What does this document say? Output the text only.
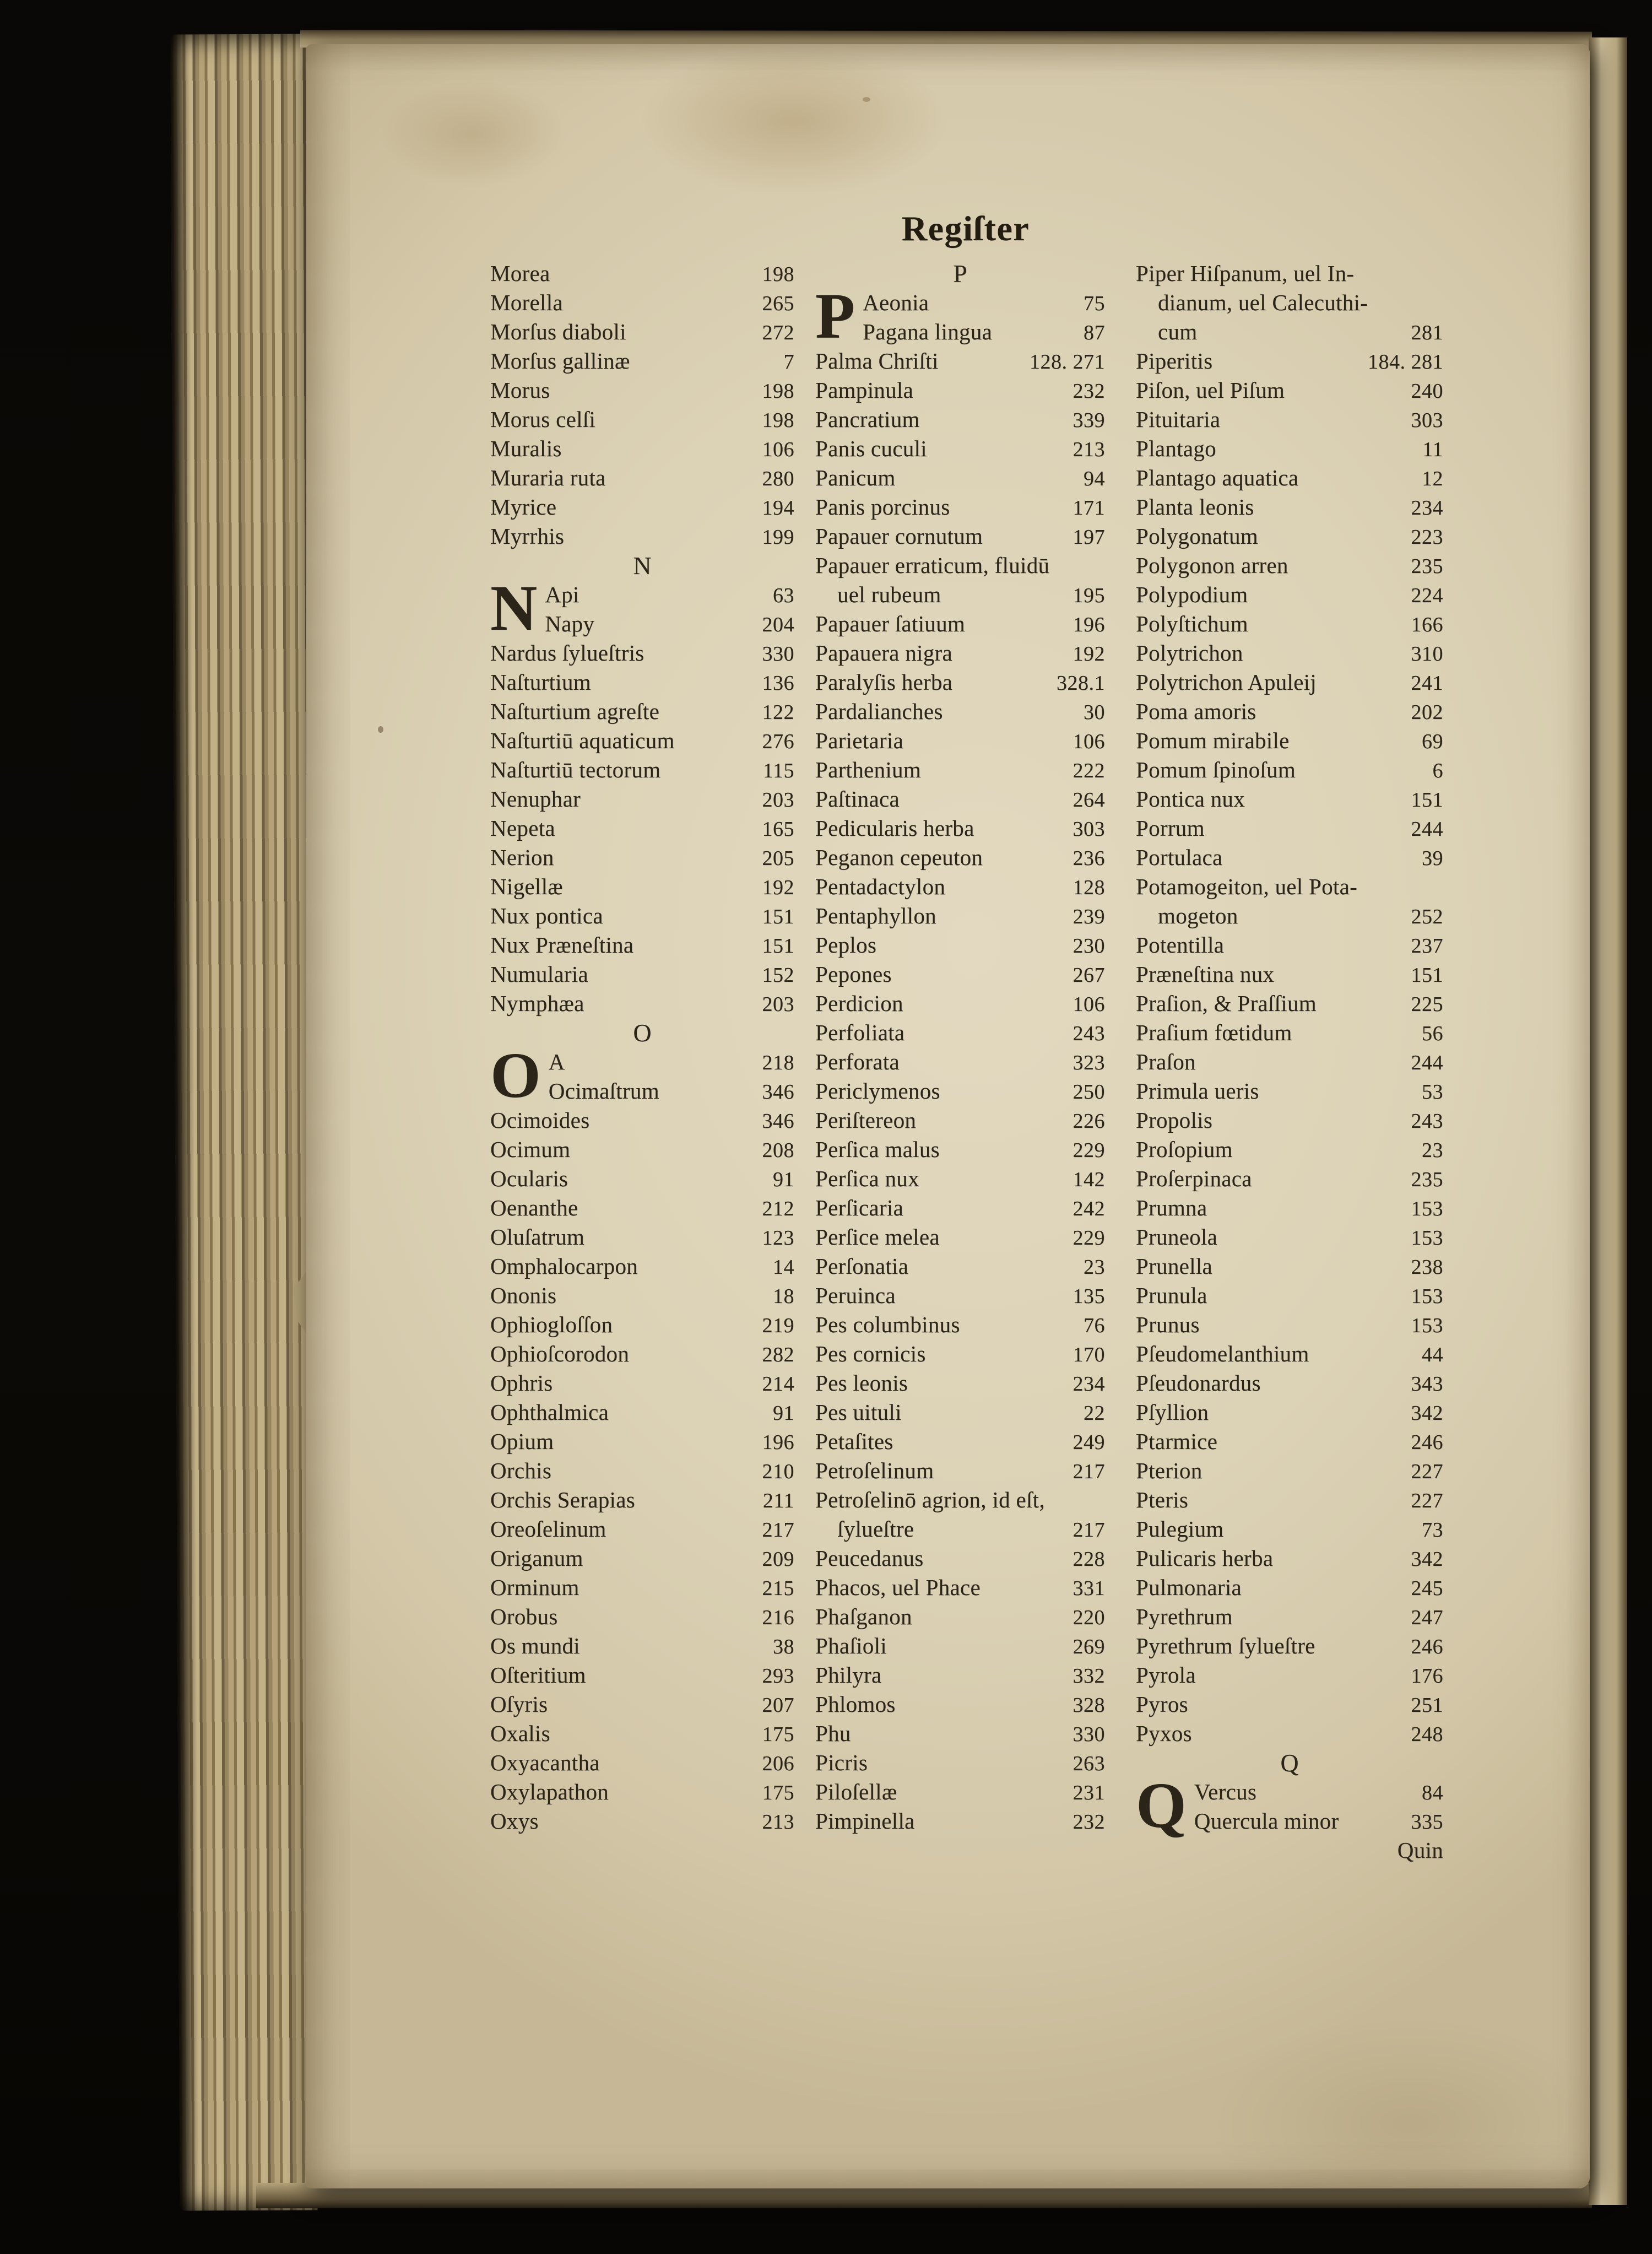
Regiſter
Morea	198
Morella	265
Morſus diaboli	272
Morſus gallinæ	7
Morus	198
Morus celſi	198
Muralis	106
Muraria ruta	280
Myrice	194
Myrrhis	199
N
N Api	63
Napy	204
Nardus ſylueſtris	330
Naſturtium	136
Naſturtium agreſte	122
Naſturtiū aquaticum	276
Naſturtiū tectorum	115
Nenuphar	203
Nepeta	165
Nerion	205
Nigellæ	192
Nux pontica	151
Nux Præneſtina	151
Numularia	152
Nymphæa	203
O
O A	218
Ocimaſtrum	346
Ocimoides	346
Ocimum	208
Ocularis	91
Oenanthe	212
Oluſatrum	123
Omphalocarpon	14
Ononis	18
Ophiogloſſon	219
Ophioſcorodon	282
Ophris	214
Ophthalmica	91
Opium	196
Orchis	210
Orchis Serapias	211
Oreoſelinum	217
Origanum	209
Orminum	215
Orobus	216
Os mundi	38
Oſteritium	293
Oſyris	207
Oxalis	175
Oxyacantha	206
Oxylapathon	175
Oxys	213
P
P Aeonia	75
Pagana lingua	87
Palma Chriſti	128. 271
Pampinula	232
Pancratium	339
Panis cuculi	213
Panicum	94
Panis porcinus	171
Papauer cornutum	197
Papauer erraticum, fluidū
uel rubeum	195
Papauer ſatiuum	196
Papauera nigra	192
Paralyſis herba	328.1
Pardalianches	30
Parietaria	106
Parthenium	222
Paſtinaca	264
Pedicularis herba	303
Peganon cepeuton	236
Pentadactylon	128
Pentaphyllon	239
Peplos	230
Pepones	267
Perdicion	106
Perfoliata	243
Perforata	323
Periclymenos	250
Periſtereon	226
Perſica malus	229
Perſica nux	142
Perſicaria	242
Perſice melea	229
Perſonatia	23
Peruinca	135
Pes columbinus	76
Pes cornicis	170
Pes leonis	234
Pes uituli	22
Petaſites	249
Petroſelinum	217
Petroſelinō agrion, id eſt,
ſylueſtre	217
Peucedanus	228
Phacos, uel Phace	331
Phaſganon	220
Phaſioli	269
Philyra	332
Phlomos	328
Phu	330
Picris	263
Piloſellæ	231
Pimpinella	232
Piper Hiſpanum, uel In-
dianum, uel Calecuthi-
cum	281
Piperitis	184. 281
Piſon, uel Piſum	240
Pituitaria	303
Plantago	11
Plantago aquatica	12
Planta leonis	234
Polygonatum	223
Polygonon arren	235
Polypodium	224
Polyſtichum	166
Polytrichon	310
Polytrichon Apuleij	241
Poma amoris	202
Pomum mirabile	69
Pomum ſpinoſum	6
Pontica nux	151
Porrum	244
Portulaca	39
Potamogeiton, uel Pota-
mogeton	252
Potentilla	237
Præneſtina nux	151
Praſion, & Praſſium	225
Praſium fœtidum	56
Praſon	244
Primula ueris	53
Propolis	243
Proſopium	23
Proſerpinaca	235
Prumna	153
Pruneola	153
Prunella	238
Prunula	153
Prunus	153
Pſeudomelanthium	44
Pſeudonardus	343
Pſyllion	342
Ptarmice	246
Pterion	227
Pteris	227
Pulegium	73
Pulicaris herba	342
Pulmonaria	245
Pyrethrum	247
Pyrethrum ſylueſtre	246
Pyrola	176
Pyros	251
Pyxos	248
Q
Q Vercus	84
Quercula minor	335
Quin
